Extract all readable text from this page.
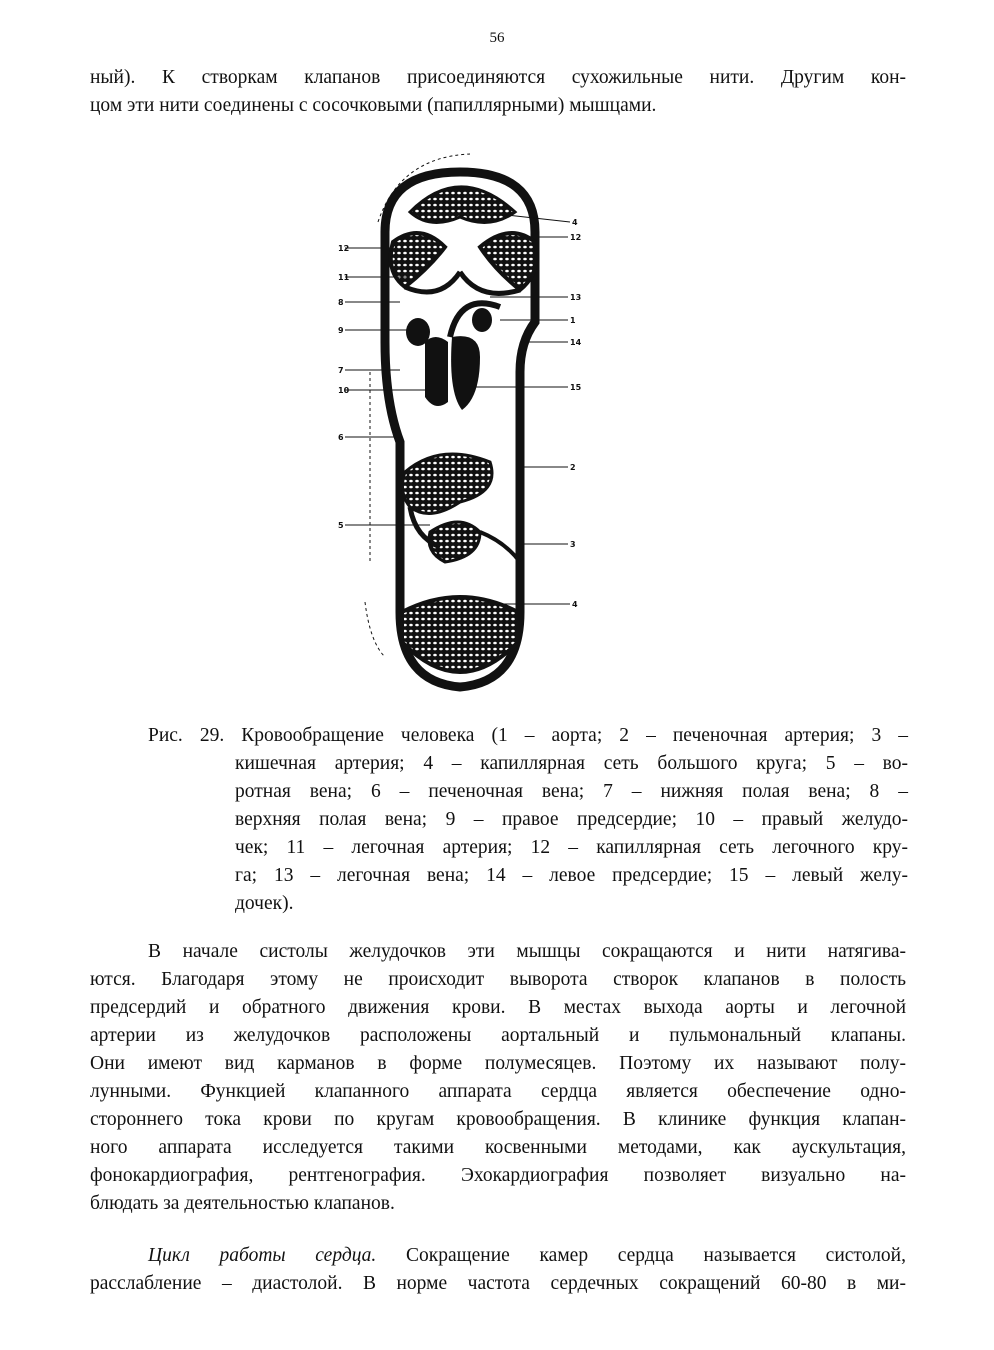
56
ный). К створкам клапанов присоединяются сухожильные нити. Другим кон-
цом эти нити соединены с сосочковыми (папиллярными) мышцами.
12
11
8
9
7
10
6
5
4
12
13
1
14
15
2
3
4
Рис. 29. Кровообращение человека (1 – аорта; 2 – печеночная артерия; 3 –
кишечная артерия; 4 – капиллярная сеть большого круга; 5 – во-
ротная вена; 6 – печеночная вена; 7 – нижняя полая вена; 8 –
верхняя полая вена; 9 – правое предсердие; 10 – правый желудо-
чек; 11 – легочная артерия; 12 – капиллярная сеть легочного кру-
га; 13 – легочная вена; 14 – левое предсердие; 15 – левый желу-
дочек).
В начале систолы желудочков эти мышцы сокращаются и нити натягива-
ются. Благодаря этому не происходит выворота створок клапанов в полость
предсердий и обратного движения крови. В местах выхода аорты и легочной
артерии из желудочков расположены аортальный и пульмональный клапаны.
Они имеют вид карманов в форме полумесяцев. Поэтому их называют полу-
лунными. Функцией клапанного аппарата сердца является обеспечение одно-
стороннего тока крови по кругам кровообращения. В клинике функция клапан-
ного аппарата исследуется такими косвенными методами, как аускультация,
фонокардиография, рентгенография. Эхокардиография позволяет визуально на-
блюдать за деятельностью клапанов.
Цикл работы сердца. Сокращение камер сердца называется систолой,
расслабление – диастолой. В норме частота сердечных сокращений 60-80 в ми-
